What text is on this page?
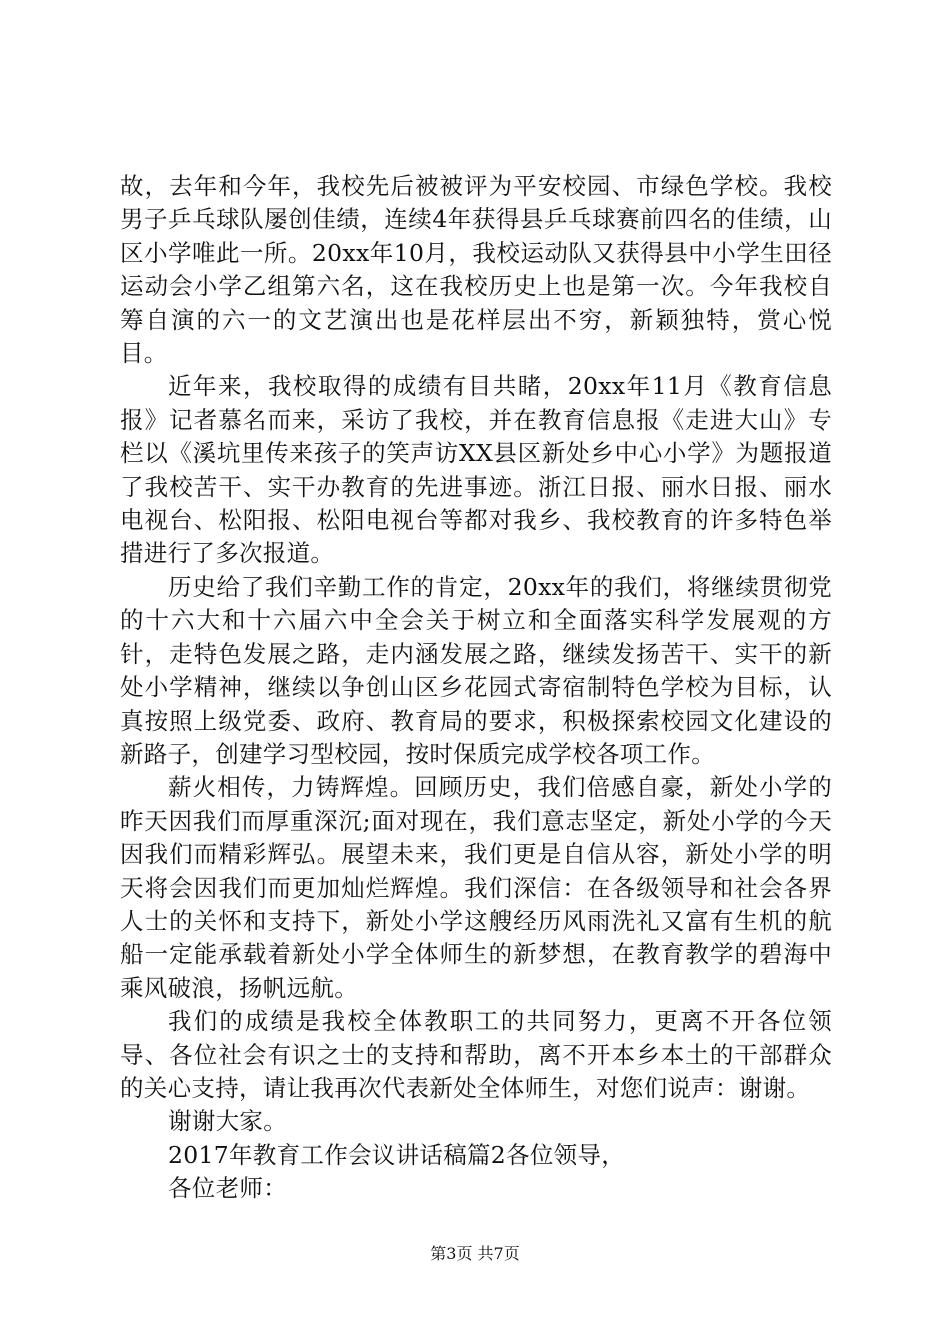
故，去年和今年，我校先后被被评为平安校园、市绿色学校。我校男子乒乓球队屡创佳绩，连续4年获得县乒乓球赛前四名的佳绩，山区小学唯此一所。20xx年10月，我校运动队又获得县中小学生田径运动会小学乙组第六名，这在我校历史上也是第一次。今年我校自筹自演的六一的文艺演出也是花样层出不穷，新颖独特，赏心悦目。

近年来，我校取得的成绩有目共睹，20xx年11月《教育信息报》记者慕名而来，采访了我校，并在教育信息报《走进大山》专栏以《溪坑里传来孩子的笑声访XX县区新处乡中心小学》为题报道了我校苦干、实干办教育的先进事迹。浙江日报、丽水日报、丽水电视台、松阳报、松阳电视台等都对我乡、我校教育的许多特色举措进行了多次报道。

历史给了我们辛勤工作的肯定，20xx年的我们，将继续贯彻党的十六大和十六届六中全会关于树立和全面落实科学发展观的方针，走特色发展之路，走内涵发展之路，继续发扬苦干、实干的新处小学精神，继续以争创山区乡花园式寄宿制特色学校为目标，认真按照上级党委、政府、教育局的要求，积极探索校园文化建设的新路子，创建学习型校园，按时保质完成学校各项工作。

薪火相传，力铸辉煌。回顾历史，我们倍感自豪，新处小学的昨天因我们而厚重深沉;面对现在，我们意志坚定，新处小学的今天因我们而精彩辉弘。展望未来，我们更是自信从容，新处小学的明天将会因我们而更加灿烂辉煌。我们深信：在各级领导和社会各界人士的关怀和支持下，新处小学这艘经历风雨洗礼又富有生机的航船一定能承载着新处小学全体师生的新梦想，在教育教学的碧海中乘风破浪，扬帆远航。

我们的成绩是我校全体教职工的共同努力，更离不开各位领导、各位社会有识之士的支持和帮助，离不开本乡本土的干部群众的关心支持，请让我再次代表新处全体师生，对您们说声：谢谢。

谢谢大家。

2017年教育工作会议讲话稿篇2各位领导，

各位老师：

第3页 共7页
